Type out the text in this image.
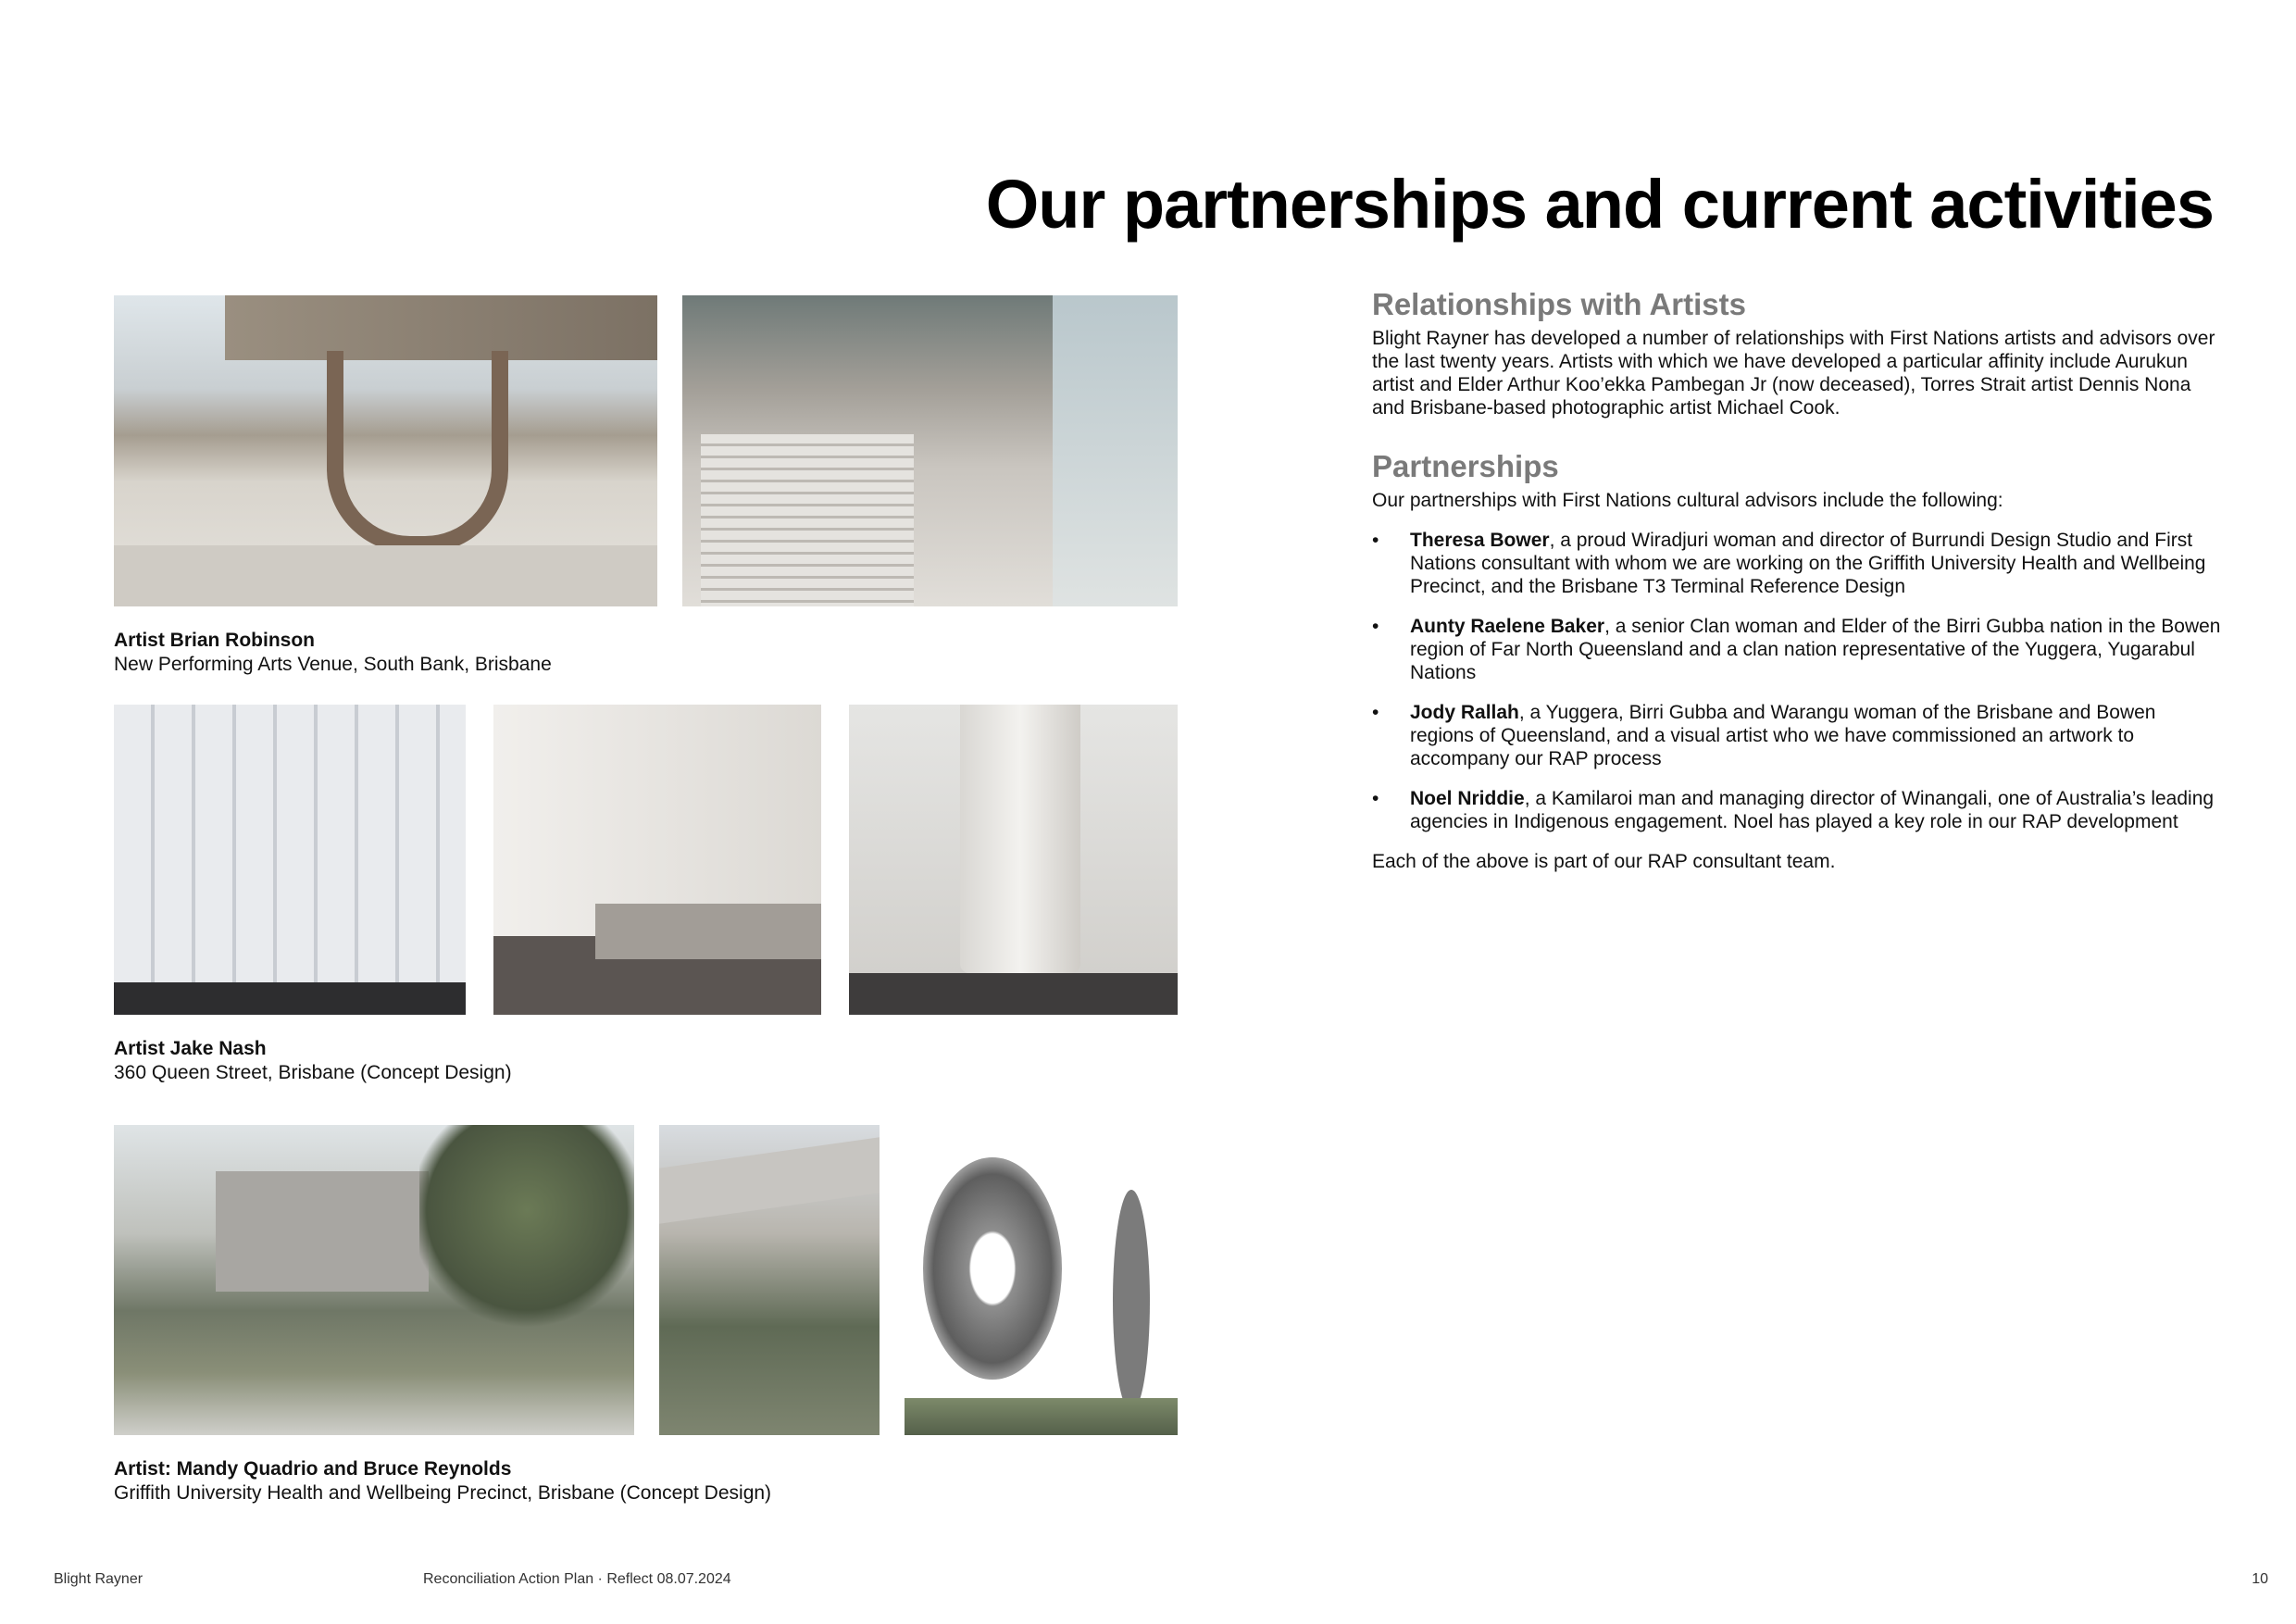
Our partnerships and current activities
Artist Brian Robinson
New Performing Arts Venue, South Bank, Brisbane
Artist Jake Nash
360 Queen Street, Brisbane (Concept Design)
Artist: Mandy Quadrio and Bruce Reynolds
Griffith University Health and Wellbeing Precinct, Brisbane (Concept Design)
Relationships with Artists

Blight Rayner has developed a number of relationships with First Nations artists and advisors over the last twenty years. Artists with which we have developed a particular affinity include Aurukun artist and Elder Arthur Koo’ekka Pambegan Jr (now deceased), Torres Strait artist Dennis Nona and Brisbane-based photographic artist Michael Cook.

Partnerships

Our partnerships with First Nations cultural advisors include the following:

• Theresa Bower, a proud Wiradjuri woman and director of Burrundi Design Studio and First Nations consultant with whom we are working on the Griffith University Health and Wellbeing Precinct, and the Brisbane T3 Terminal Reference Design
• Aunty Raelene Baker, a senior Clan woman and Elder of the Birri Gubba nation in the Bowen region of Far North Queensland and a clan nation representative of the Yuggera, Yugarabul Nations
• Jody Rallah, a Yuggera, Birri Gubba and Warangu woman of the Brisbane and Bowen regions of Queensland, and a visual artist who we have commissioned an artwork to accompany our RAP process
• Noel Nriddie, a Kamilaroi man and managing director of Winangali, one of Australia’s leading agencies in Indigenous engagement. Noel has played a key role in our RAP development

Each of the above is part of our RAP consultant team.

Blight Rayner	Reconciliation Action Plan · Reflect 08.07.2024	10
